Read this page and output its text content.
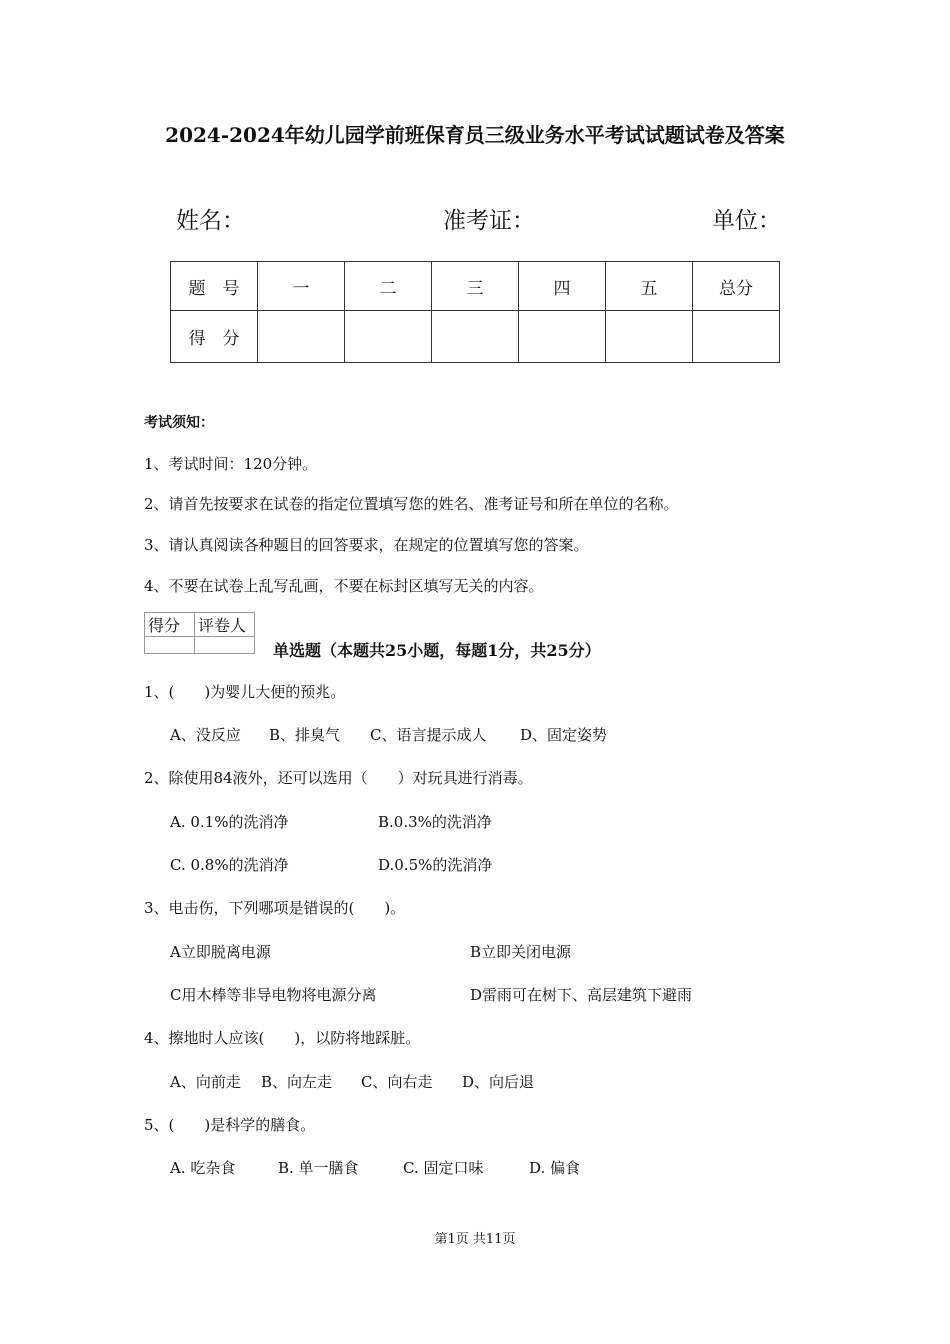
2024-2024年幼儿园学前班保育员三级业务水平考试试题试卷及答案
姓名：	准考证：	单位：
题　号	一	二	三	四	五	总分
得　分						
考试须知：
1、考试时间：120分钟。
2、请首先按要求在试卷的指定位置填写您的姓名、准考证号和所在单位的名称。
3、请认真阅读各种题目的回答要求，在规定的位置填写您的答案。
4、不要在试卷上乱写乱画，不要在标封区填写无关的内容。
得分	评卷人

单选题（本题共25小题，每题1分，共25分）
1、(　　)为婴儿大便的预兆。
A、没反应 B、排臭气 C、语言提示成人 D、固定姿势
2、除使用84液外，还可以选用（　　）对玩具进行消毒。
A. 0.1%的洗消净	B.0.3%的洗消净
C. 0.8%的洗消净	D.0.5%的洗消净
3、电击伤，下列哪项是错误的(　　)。
A立即脱离电源	B立即关闭电源
C用木棒等非导电物将电源分离	D雷雨可在树下、高层建筑下避雨
4、擦地时人应该(　　)，以防将地踩脏。
A、向前走 B、向左走 C、向右走 D、向后退
5、(　　)是科学的膳食。
A. 吃杂食	B. 单一膳食	C. 固定口味	D. 偏食
第1页 共11页
